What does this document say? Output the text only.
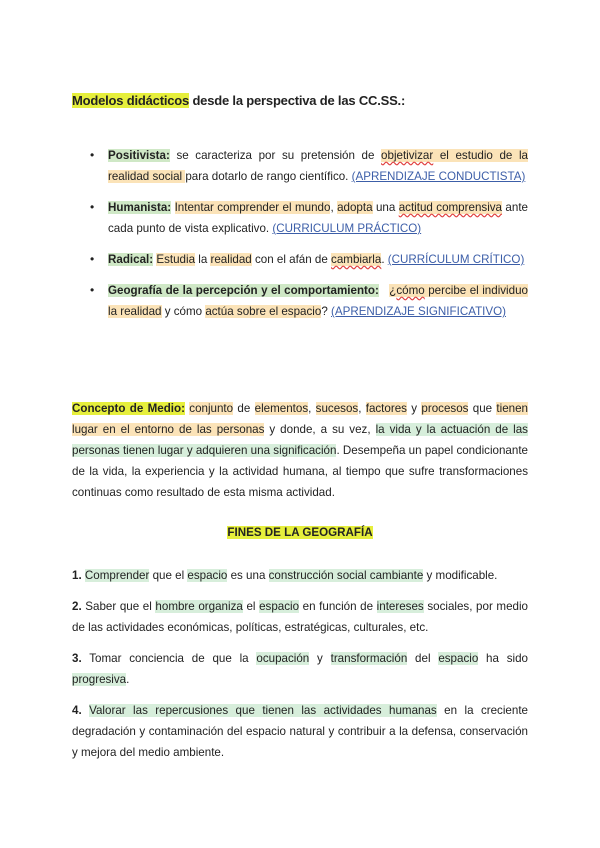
Modelos didácticos desde la perspectiva de las CC.SS.:
• Positivista: se caracteriza por su pretensión de objetivizar el estudio de la realidad social para dotarlo de rango científico. (APRENDIZAJE CONDUCTISTA)
• Humanista: Intentar comprender el mundo, adopta una actitud comprensiva ante cada punto de vista explicativo. (CURRICULUM PRÁCTICO)
• Radical: Estudia la realidad con el afán de cambiarla. (CURRÍCULUM CRÍTICO)
• Geografía de la percepción y el comportamiento: ¿cómo percibe el individuo la realidad y cómo actúa sobre el espacio? (APRENDIZAJE SIGNIFICATIVO)

Concepto de Medio: conjunto de elementos, sucesos, factores y procesos que tienen lugar en el entorno de las personas y donde, a su vez, la vida y la actuación de las personas tienen lugar y adquieren una significación. Desempeña un papel condicionante de la vida, la experiencia y la actividad humana, al tiempo que sufre transformaciones continuas como resultado de esta misma actividad.

FINES DE LA GEOGRAFÍA

1. Comprender que el espacio es una construcción social cambiante y modificable.

2. Saber que el hombre organiza el espacio en función de intereses sociales, por medio de las actividades económicas, políticas, estratégicas, culturales, etc.

3. Tomar conciencia de que la ocupación y transformación del espacio ha sido progresiva.

4. Valorar las repercusiones que tienen las actividades humanas en la creciente degradación y contaminación del espacio natural y contribuir a la defensa, conservación y mejora del medio ambiente.
